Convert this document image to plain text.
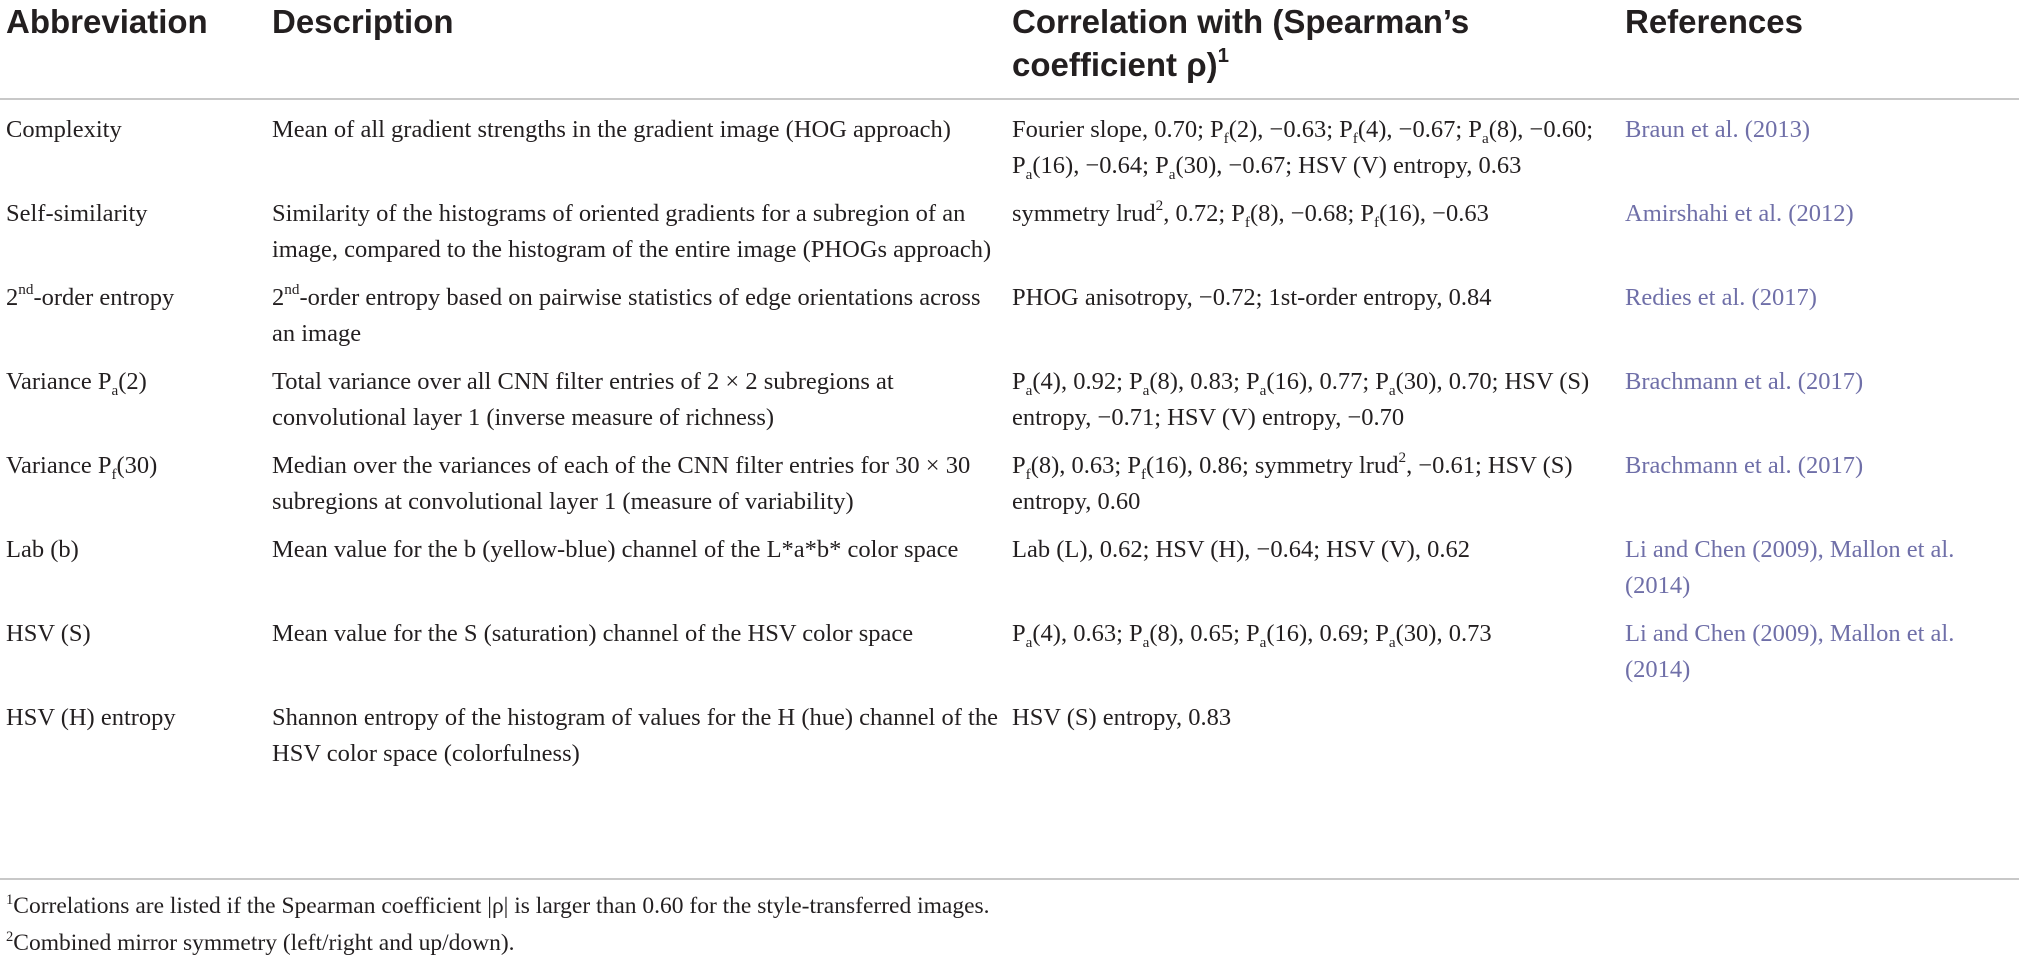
Abbreviation	Description	Correlation with (Spearman’s coefficient ρ)$^1$	References
Complexity	Mean of all gradient strengths in the gradient image (HOG approach)	Fourier slope, 0.70; $P_f(2)$, −0.63; $P_f(4)$, −0.67; $P_a(8)$, −0.60; $P_a(16)$, −0.64; $P_a(30)$, −0.67; HSV (V) entropy, 0.63	Braun et al. (2013)
Self-similarity	Similarity of the histograms of oriented gradients for a subregion of an image, compared to the histogram of the entire image (PHOGs approach)	symmetry lrud$^2$, 0.72; $P_f(8)$, −0.68; $P_f(16)$, −0.63	Amirshahi et al. (2012)
2nd-order entropy	2nd-order entropy based on pairwise statistics of edge orientations across an image	PHOG anisotropy, −0.72; 1st-order entropy, 0.84	Redies et al. (2017)
Variance $P_a(2)$	Total variance over all CNN filter entries of 2 × 2 subregions at convolutional layer 1 (inverse measure of richness)	$P_a(4)$, 0.92; $P_a(8)$, 0.83; $P_a(16)$, 0.77; $P_a(30)$, 0.70; HSV (S) entropy, −0.71; HSV (V) entropy, −0.70	Brachmann et al. (2017)
Variance $P_f(30)$	Median over the variances of each of the CNN filter entries for 30 × 30 subregions at convolutional layer 1 (measure of variability)	$P_f(8)$, 0.63; $P_f(16)$, 0.86; symmetry lrud$^2$, −0.61; HSV (S) entropy, 0.60	Brachmann et al. (2017)
Lab (b)	Mean value for the b (yellow-blue) channel of the L*a*b* color space	Lab (L), 0.62; HSV (H), −0.64; HSV (V), 0.62	Li and Chen (2009), Mallon et al. (2014)
HSV (S)	Mean value for the S (saturation) channel of the HSV color space	$P_a(4)$, 0.63; $P_a(8)$, 0.65; $P_a(16)$, 0.69; $P_a(30)$, 0.73	Li and Chen (2009), Mallon et al. (2014)
HSV (H) entropy	Shannon entropy of the histogram of values for the H (hue) channel of the HSV color space (colorfulness)	HSV (S) entropy, 0.83	
$^1$Correlations are listed if the Spearman coefficient |ρ| is larger than 0.60 for the style-transferred images.
$^2$Combined mirror symmetry (left/right and up/down).
